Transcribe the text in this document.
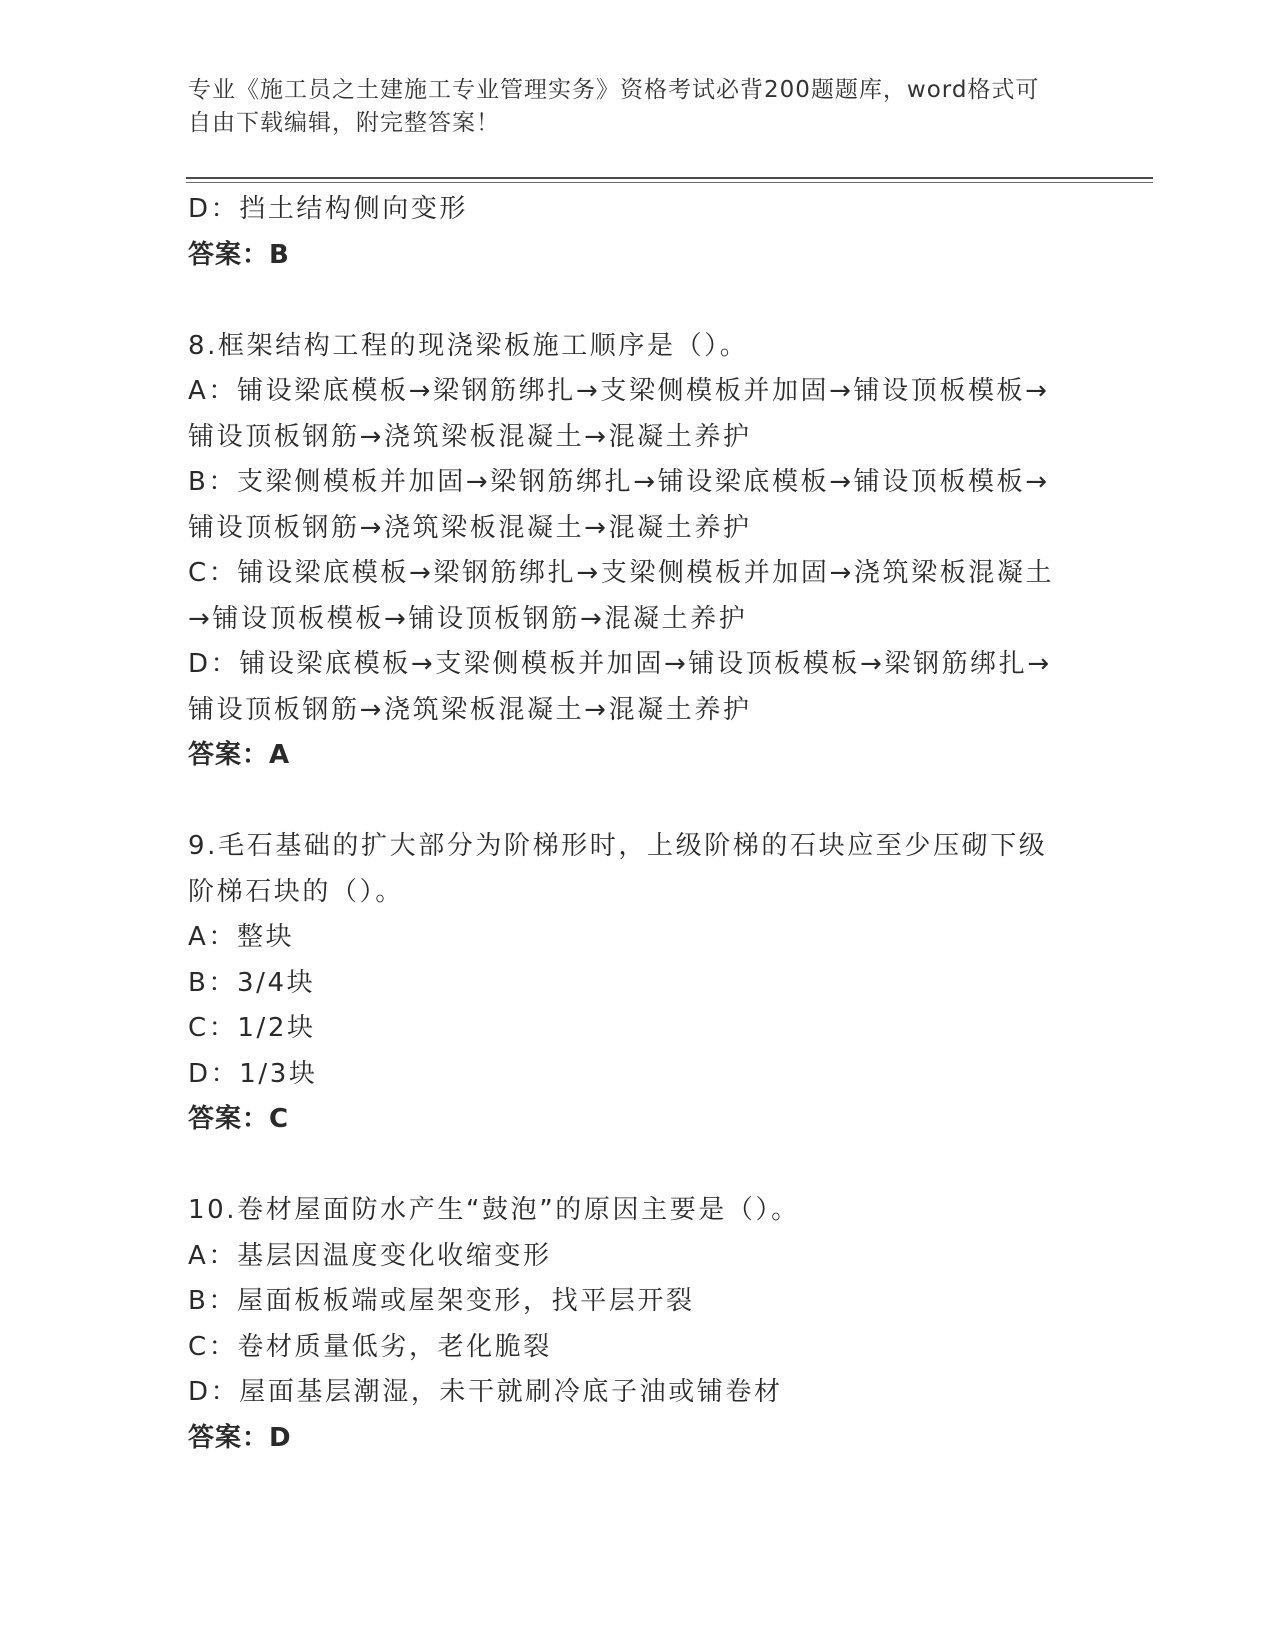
专业《施工员之土建施工专业管理实务》资格考试必背200题题库，word格式可

自由下载编辑，附完整答案！

D：挡土结构侧向变形

答案：B

8.框架结构工程的现浇梁板施工顺序是（）。

A：铺设梁底模板→梁钢筋绑扎→支梁侧模板并加固→铺设顶板模板→

铺设顶板钢筋→浇筑梁板混凝土→混凝土养护

B：支梁侧模板并加固→梁钢筋绑扎→铺设梁底模板→铺设顶板模板→

铺设顶板钢筋→浇筑梁板混凝土→混凝土养护

C：铺设梁底模板→梁钢筋绑扎→支梁侧模板并加固→浇筑梁板混凝土

→铺设顶板模板→铺设顶板钢筋→混凝土养护

D：铺设梁底模板→支梁侧模板并加固→铺设顶板模板→梁钢筋绑扎→

铺设顶板钢筋→浇筑梁板混凝土→混凝土养护

答案：A

9.毛石基础的扩大部分为阶梯形时，上级阶梯的石块应至少压砌下级

阶梯石块的（）。

A：整块

B：3/4块

C：1/2块

D：1/3块

答案：C

10.卷材屋面防水产生“鼓泡”的原因主要是（）。

A：基层因温度变化收缩变形

B：屋面板板端或屋架变形，找平层开裂

C：卷材质量低劣，老化脆裂

D：屋面基层潮湿，未干就刷冷底子油或铺卷材

答案：D
